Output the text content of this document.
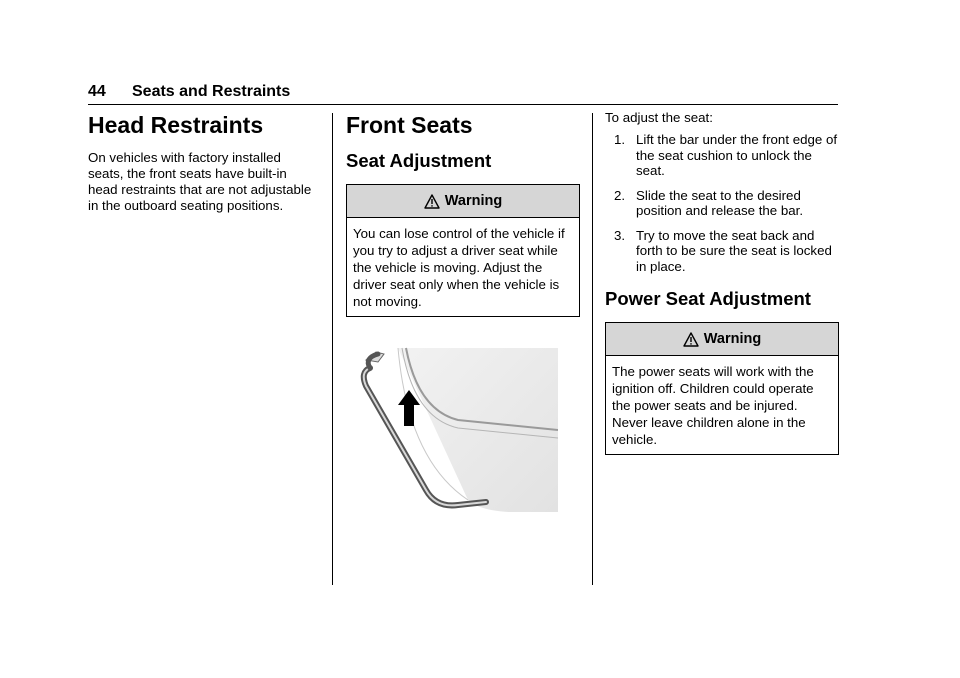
44 Seats and Restraints
Head Restraints

On vehicles with factory installed seats, the front seats have built-in head restraints that are not adjustable in the outboard seating positions.

Front Seats
Seat Adjustment
Warning
You can lose control of the vehicle if you try to adjust a driver seat while the vehicle is moving. Adjust the driver seat only when the vehicle is not moving.

To adjust the seat:

1. Lift the bar under the front edge of the seat cushion to unlock the seat.
2. Slide the seat to the desired position and release the bar.
3. Try to move the seat back and forth to be sure the seat is locked in place.
Power Seat Adjustment
Warning
The power seats will work with the ignition off. Children could operate the power seats and be injured. Never leave children alone in the vehicle.
